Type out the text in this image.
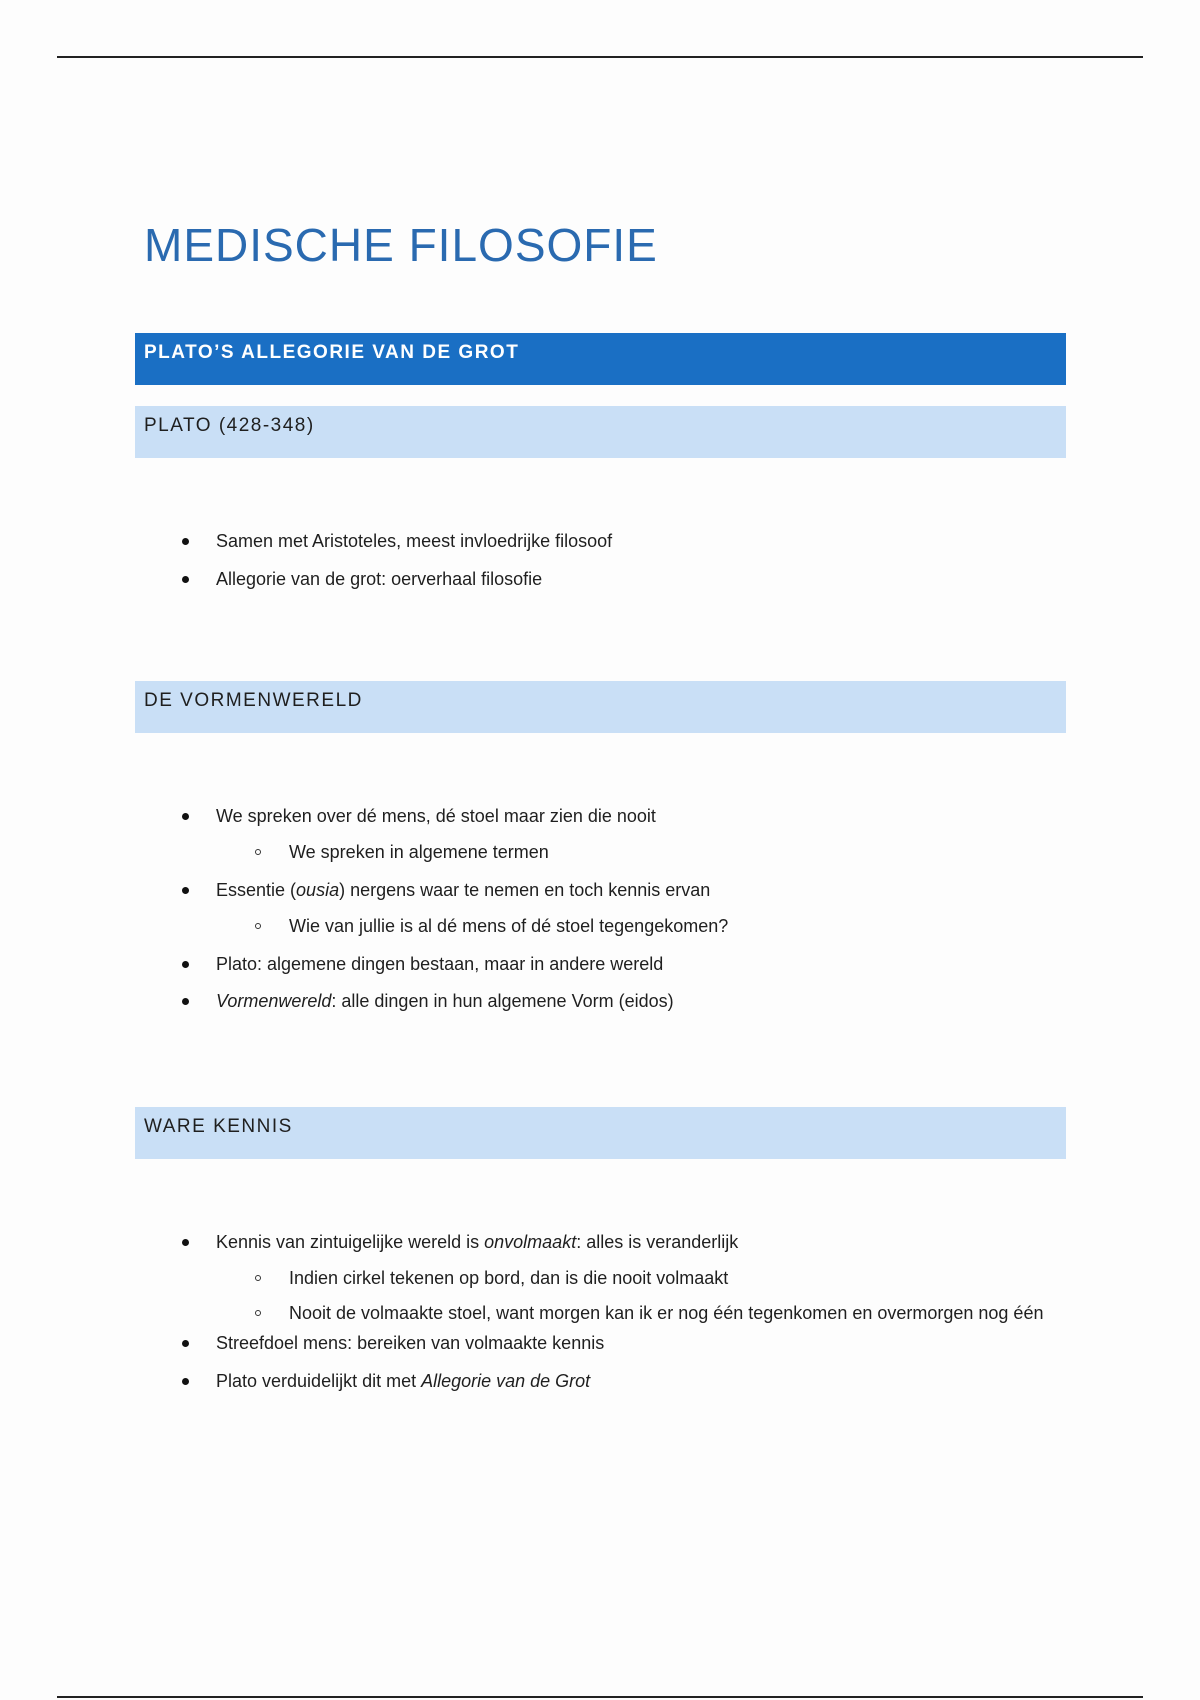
MEDISCHE FILOSOFIE
PLATO’S ALLEGORIE VAN DE GROT
PLATO (428-348)
Samen met Aristoteles, meest invloedrijke filosoof
Allegorie van de grot: oerverhaal filosofie
DE VORMENWERELD
We spreken over dé mens, dé stoel maar zien die nooit
We spreken in algemene termen
Essentie (ousia) nergens waar te nemen en toch kennis ervan
Wie van jullie is al dé mens of dé stoel tegengekomen?
Plato: algemene dingen bestaan, maar in andere wereld
Vormenwereld: alle dingen in hun algemene Vorm (eidos)
WARE KENNIS
Kennis van zintuigelijke wereld is onvolmaakt: alles is veranderlijk
Indien cirkel tekenen op bord, dan is die nooit volmaakt
Nooit de volmaakte stoel, want morgen kan ik er nog één tegenkomen en overmorgen nog één
Streefdoel mens: bereiken van volmaakte kennis
Plato verduidelijkt dit met Allegorie van de Grot
